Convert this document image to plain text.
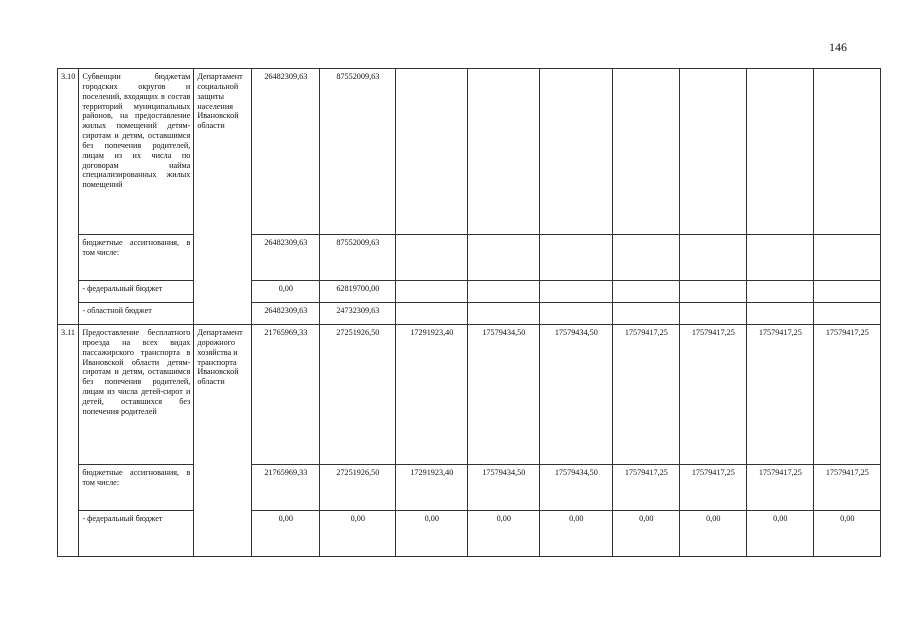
146
3.10	Субвенции бюджетам городских округов и поселений, входящих в состав территорий муниципальных районов, на предоставление жилых помещений детям-сиротам и детям, оставшимся без попечения родителей, лицам из их числа по договорам найма специализированных жилых помещений	Департамент социальной защиты населения Ивановской области	26482309,63	87552009,63							
	бюджетные ассигнования, в том числе:		26482309,63	87552009,63							
	- федеральный бюджет		0,00	62819700,00							
	- областной бюджет		26482309,63	24732309,63							
3.11	Предоставление бесплатного проезда на всех видах пассажирского транспорта в Ивановской области детям-сиротам и детям, оставшимся без попечения родителей, лицам из числа детей-сирот и детей, оставшихся без попечения родителей	Департамент дорожного хозяйства и транспорта Ивановской области	21765969,33	27251926,50	17291923,40	17579434,50	17579434,50	17579417,25	17579417,25	17579417,25	17579417,25
	бюджетные ассигнования, в том числе:		21765969,33	27251926,50	17291923,40	17579434,50	17579434,50	17579417,25	17579417,25	17579417,25	17579417,25
	- федеральный бюджет		0,00	0,00	0,00	0,00	0,00	0,00	0,00	0,00	0,00
